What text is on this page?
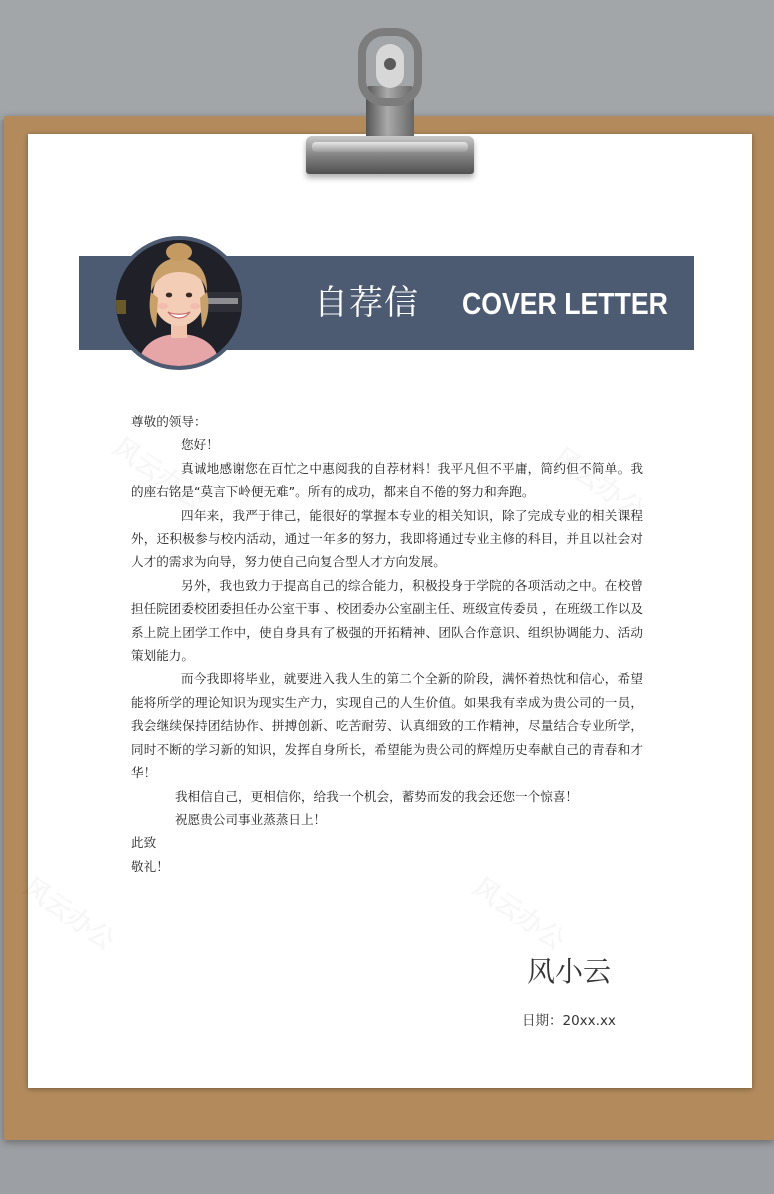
自荐信 COVER LETTER

尊敬的领导：

您好！

真诚地感谢您在百忙之中惠阅我的自荐材料！我平凡但不平庸，简约但不简单。我的座右铭是“莫言下岭便无难”。所有的成功，都来自不倦的努力和奔跑。

四年来，我严于律己，能很好的掌握本专业的相关知识，除了完成专业的相关课程外，还积极参与校内活动，通过一年多的努力，我即将通过专业主修的科目，并且以社会对人才的需求为向导，努力使自己向复合型人才方向发展。

另外，我也致力于提高自己的综合能力，积极投身于学院的各项活动之中。在校曾担任院团委校团委担任办公室干事 、校团委办公室副主任、班级宣传委员 ，在班级工作以及系上院上团学工作中，使自身具有了极强的开拓精神、团队合作意识、组织协调能力、活动策划能力。

而今我即将毕业，就要进入我人生的第二个全新的阶段，满怀着热忱和信心，希望能将所学的理论知识为现实生产力，实现自己的人生价值。如果我有幸成为贵公司的一员，我会继续保持团结协作、拼搏创新、吃苦耐劳、认真细致的工作精神，尽量结合专业所学，同时不断的学习新的知识，发挥自身所长，希望能为贵公司的辉煌历史奉献自己的青春和才华！

我相信自己，更相信你，给我一个机会，蓄势而发的我会还您一个惊喜！

祝愿贵公司事业蒸蒸日上！

此致

敬礼！

风小云
日期：20xx.xx
